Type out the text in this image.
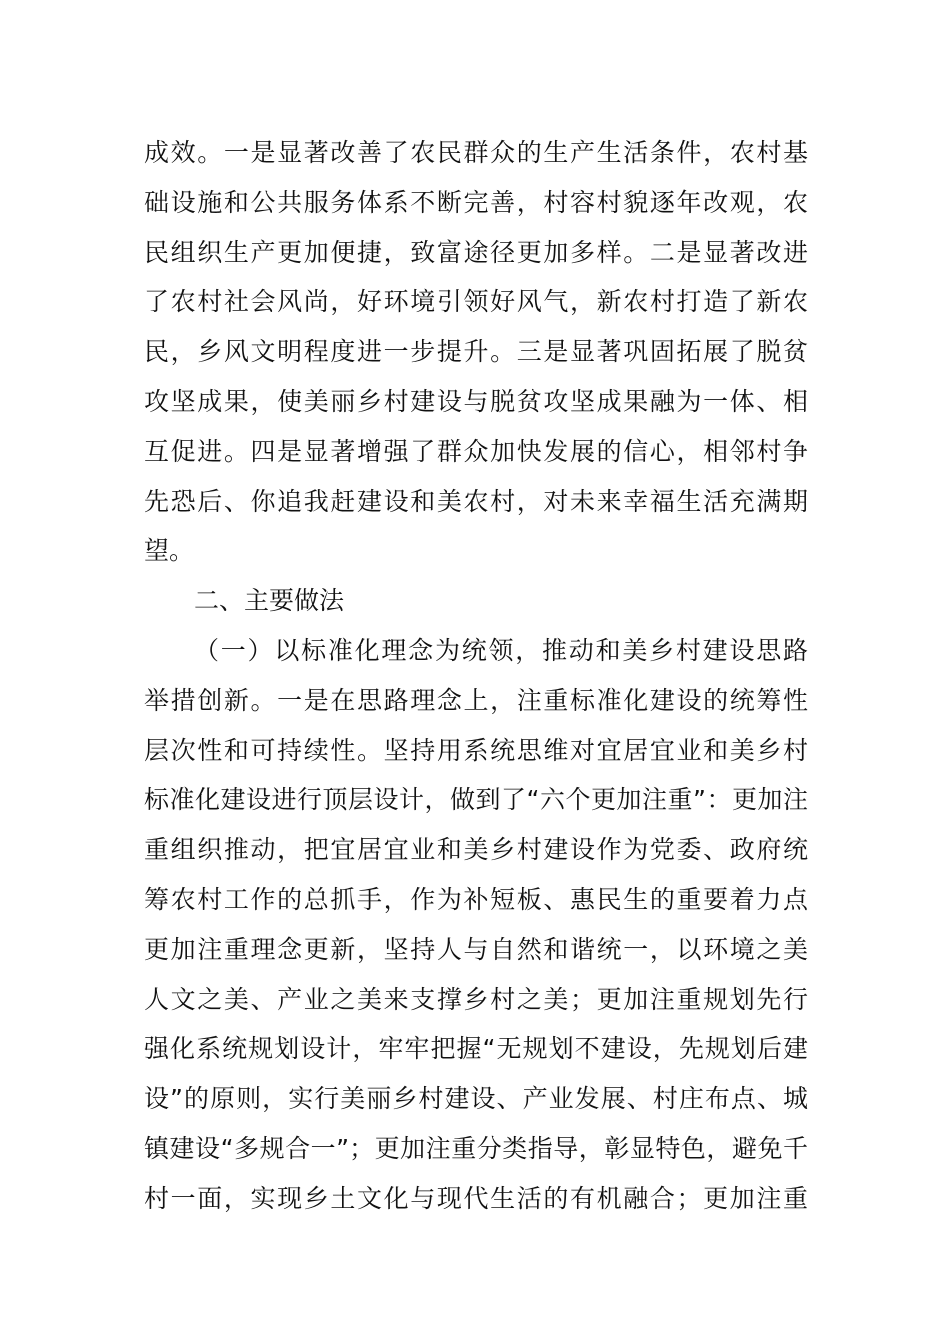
成效。一是显著改善了农民群众的生产生活条件，农村基
础设施和公共服务体系不断完善，村容村貌逐年改观，农
民组织生产更加便捷，致富途径更加多样。二是显著改进
了农村社会风尚，好环境引领好风气，新农村打造了新农
民，乡风文明程度进一步提升。三是显著巩固拓展了脱贫
攻坚成果，使美丽乡村建设与脱贫攻坚成果融为一体、相
互促进。四是显著增强了群众加快发展的信心，相邻村争
先恐后、你追我赶建设和美农村，对未来幸福生活充满期
望。
二、主要做法
（一）以标准化理念为统领，推动和美乡村建设思路
举措创新。一是在思路理念上，注重标准化建设的统筹性
层次性和可持续性。坚持用系统思维对宜居宜业和美乡村
标准化建设进行顶层设计，做到了“六个更加注重”：更加注
重组织推动，把宜居宜业和美乡村建设作为党委、政府统
筹农村工作的总抓手，作为补短板、惠民生的重要着力点
更加注重理念更新，坚持人与自然和谐统一，以环境之美
人文之美、产业之美来支撑乡村之美；更加注重规划先行
强化系统规划设计，牢牢把握“无规划不建设，先规划后建
设”的原则，实行美丽乡村建设、产业发展、村庄布点、城
镇建设“多规合一”；更加注重分类指导，彰显特色，避免千
村一面，实现乡土文化与现代生活的有机融合；更加注重
